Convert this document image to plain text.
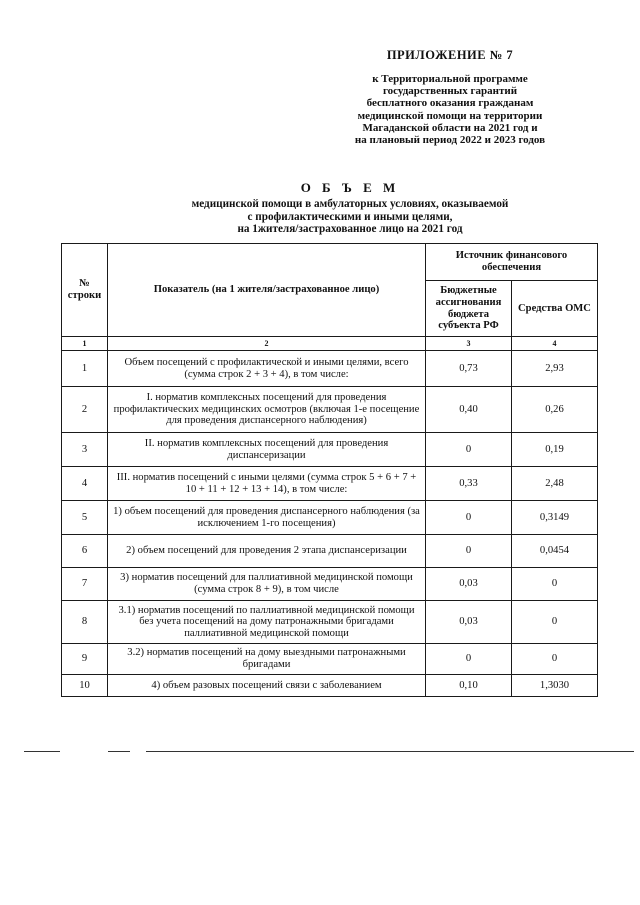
ПРИЛОЖЕНИЕ № 7
к Территориальной программе
государственных гарантий
бесплатного оказания гражданам
медицинской помощи на территории
Магаданской области на 2021 год и
на плановый период 2022 и 2023 годов
О Б Ъ Е М
медицинской помощи в амбулаторных условиях, оказываемой
с профилактическими и иными целями,
на 1жителя/застрахованное лицо на 2021 год
№ строки	Показатель (на 1 жителя/застрахованное лицо)	Источник финансового обеспечения	
		Бюджетные ассигнования бюджета субъекта РФ	Средства ОМС
1	2	3	4
1	Объем посещений с профилактической и иными целями, всего (сумма строк 2 + 3 + 4), в том числе:	0,73	2,93
2	I. норматив комплексных посещений для проведения профилактических медицинских осмотров (включая 1-е посещение для проведения диспансерного наблюдения)	0,40	0,26
3	II. норматив комплексных посещений для проведения диспансеризации	0	0,19
4	III. норматив посещений с иными целями (сумма строк 5 + 6 + 7 + 10 + 11 + 12 + 13 + 14), в том числе:	0,33	2,48
5	1) объем посещений для проведения диспансерного наблюдения (за исключением 1-го посещения)	0	0,3149
6	2) объем посещений для проведения 2 этапа диспансеризации	0	0,0454
7	3) норматив посещений для паллиативной медицинской помощи (сумма строк 8 + 9), в том числе	0,03	0
8	3.1) норматив посещений по паллиативной медицинской помощи без учета посещений на дому патронажными бригадами паллиативной медицинской помощи	0,03	0
9	3.2) норматив посещений на дому выездными патронажными бригадами	0	0
10	4) объем разовых посещений связи с заболеванием	0,10	1,3030
